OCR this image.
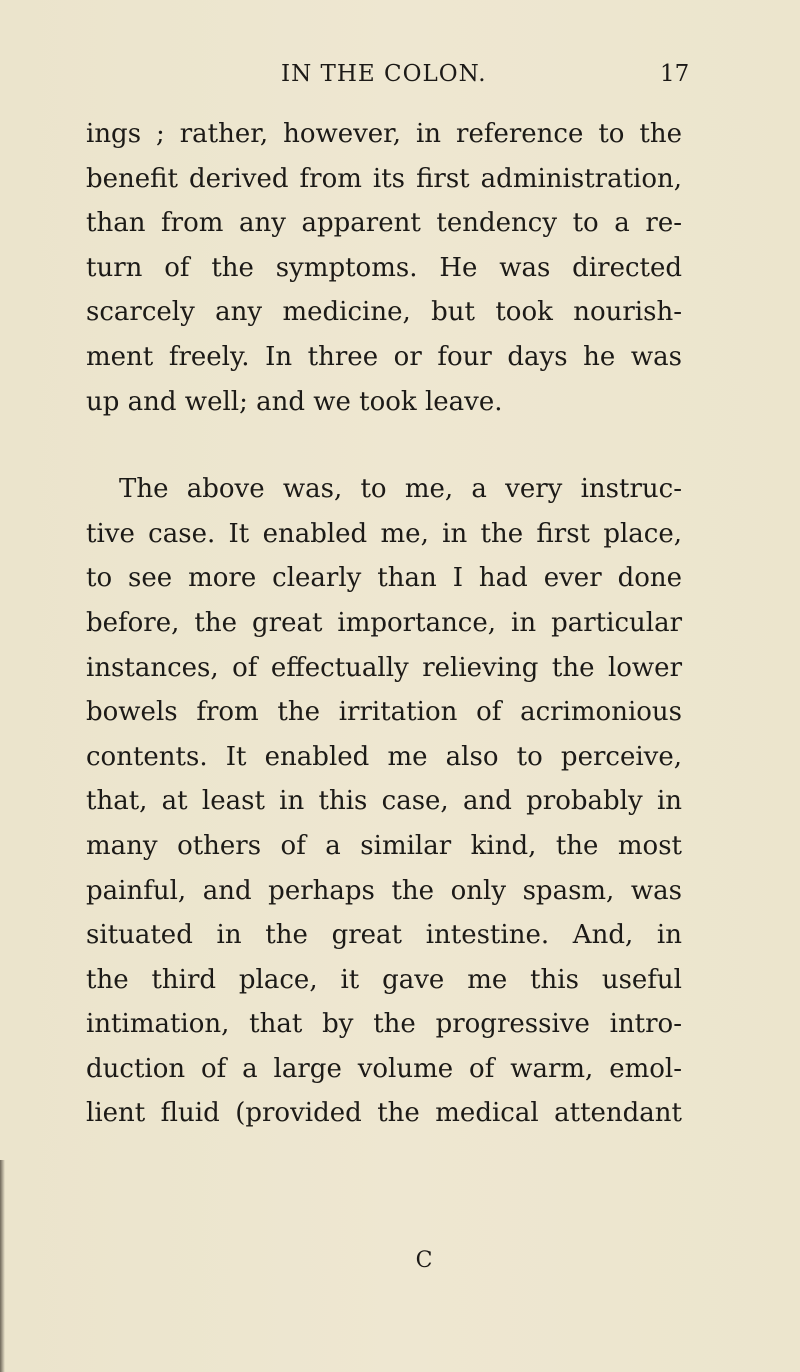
IN THE COLON.	17
ings ; rather, however, in reference to the
benefit derived from its first administration,
than from any apparent tendency to a re-
turn of the symptoms. He was directed
scarcely any medicine, but took nourish-
ment freely. In three or four days he was
up and well; and we took leave.
The above was, to me, a very instruc-
tive case. It enabled me, in the first place,
to see more clearly than I had ever done
before, the great importance, in particular
instances, of effectually relieving the lower
bowels from the irritation of acrimonious
contents. It enabled me also to perceive,
that, at least in this case, and probably in
many others of a similar kind, the most
painful, and perhaps the only spasm, was
situated in the great intestine. And, in
the third place, it gave me this useful
intimation, that by the progressive intro-
duction of a large volume of warm, emol-
lient fluid (provided the medical attendant
C
